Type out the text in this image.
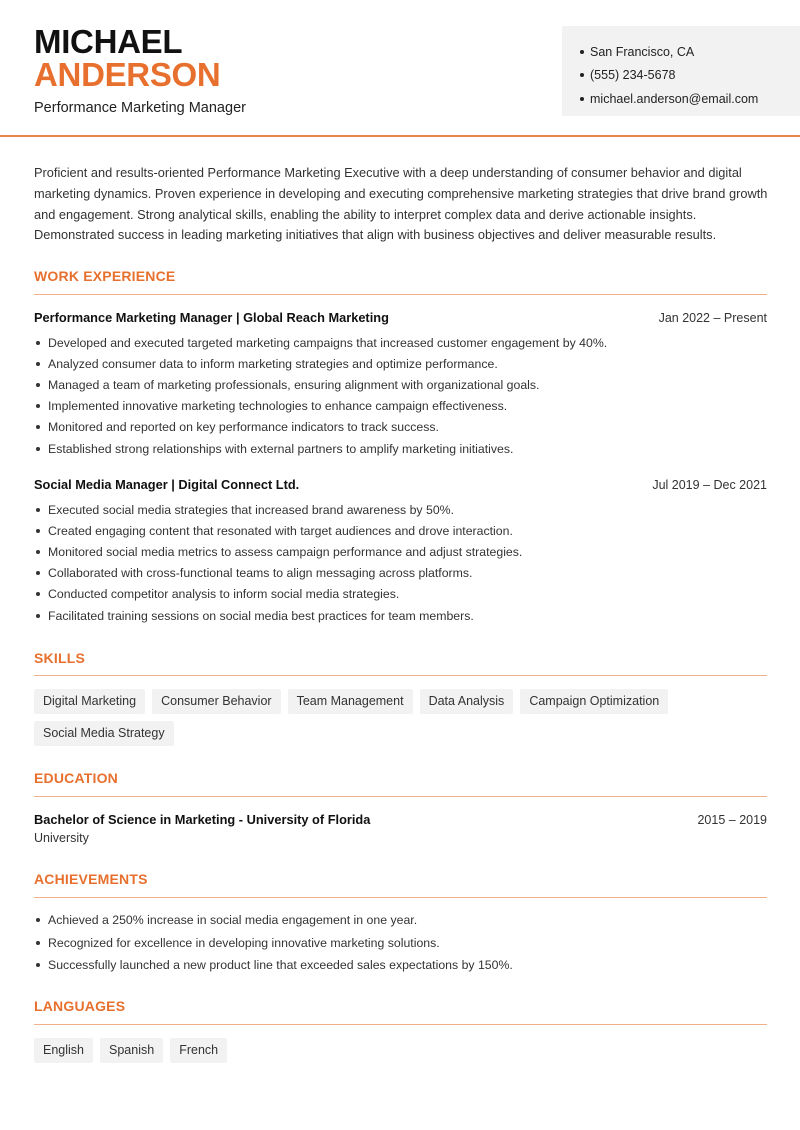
MICHAEL
ANDERSON
Performance Marketing Manager
San Francisco, CA
(555) 234-5678
michael.anderson@email.com

Proficient and results-oriented Performance Marketing Executive with a deep understanding of consumer behavior and digital marketing dynamics. Proven experience in developing and executing comprehensive marketing strategies that drive brand growth and engagement. Strong analytical skills, enabling the ability to interpret complex data and derive actionable insights. Demonstrated success in leading marketing initiatives that align with business objectives and deliver measurable results.

WORK EXPERIENCE
Performance Marketing Manager | Global Reach Marketing	Jan 2022 – Present
Developed and executed targeted marketing campaigns that increased customer engagement by 40%.
Analyzed consumer data to inform marketing strategies and optimize performance.
Managed a team of marketing professionals, ensuring alignment with organizational goals.
Implemented innovative marketing technologies to enhance campaign effectiveness.
Monitored and reported on key performance indicators to track success.
Established strong relationships with external partners to amplify marketing initiatives.
Social Media Manager | Digital Connect Ltd.	Jul 2019 – Dec 2021
Executed social media strategies that increased brand awareness by 50%.
Created engaging content that resonated with target audiences and drove interaction.
Monitored social media metrics to assess campaign performance and adjust strategies.
Collaborated with cross-functional teams to align messaging across platforms.
Conducted competitor analysis to inform social media strategies.
Facilitated training sessions on social media best practices for team members.
SKILLS
Digital Marketing	Consumer Behavior	Team Management	Data Analysis	Campaign Optimization
Social Media Strategy
EDUCATION
Bachelor of Science in Marketing - University of Florida	2015 – 2019
University
ACHIEVEMENTS
Achieved a 250% increase in social media engagement in one year.
Recognized for excellence in developing innovative marketing solutions.
Successfully launched a new product line that exceeded sales expectations by 150%.
LANGUAGES
English	Spanish	French
